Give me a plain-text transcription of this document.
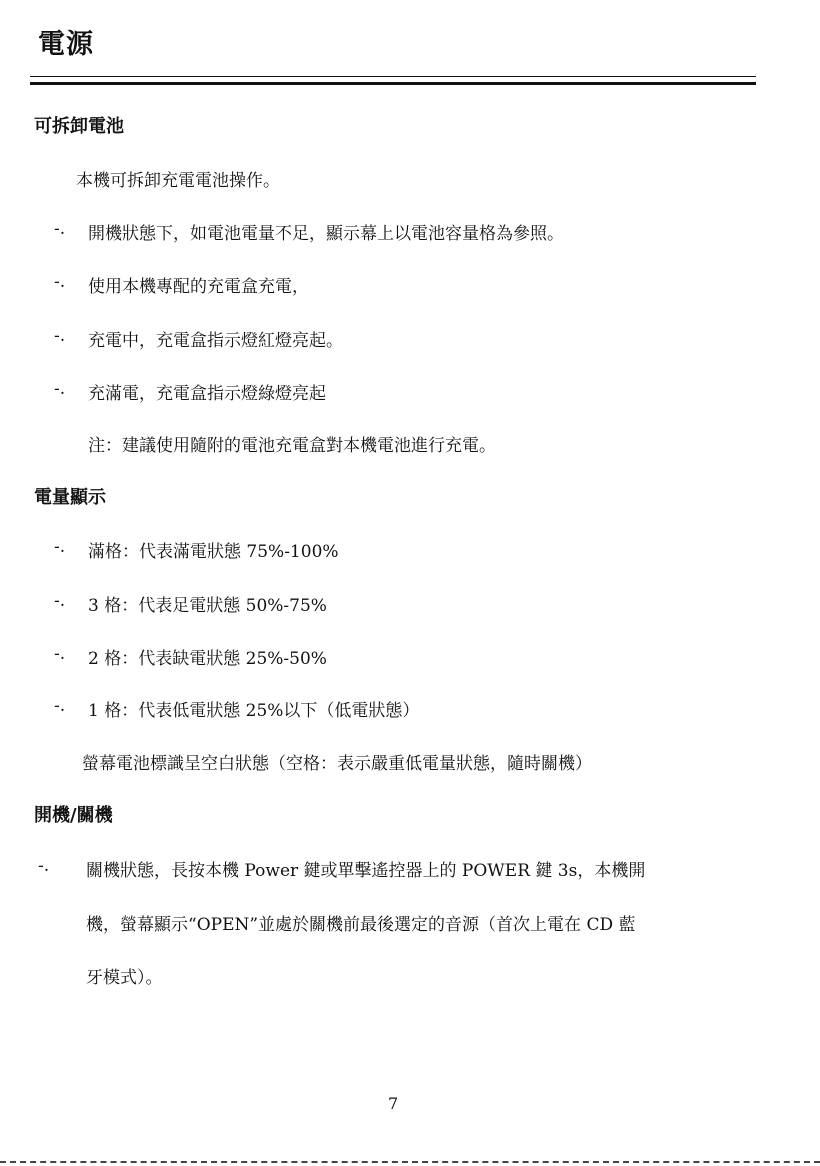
電源
可拆卸電池
本機可拆卸充電電池操作。
-. 開機狀態下，如電池電量不足，顯示幕上以電池容量格為參照。
-. 使用本機專配的充電盒充電，
-. 充電中，充電盒指示燈紅燈亮起。
-. 充滿電，充電盒指示燈綠燈亮起
注：建議使用隨附的電池充電盒對本機電池進行充電。
電量顯示
-. 滿格：代表滿電狀態 75%-100%
-. 3 格：代表足電狀態 50%-75%
-. 2 格：代表缺電狀態 25%-50%
-. 1 格：代表低電狀態 25%以下（低電狀態）
螢幕電池標識呈空白狀態（空格：表示嚴重低電量狀態，隨時關機）
開機/關機
-. 關機狀態，長按本機 Power 鍵或單擊遙控器上的 POWER 鍵 3s，本機開
機，螢幕顯示“OPEN”並處於關機前最後選定的音源（首次上電在 CD 藍
牙模式）。
7
